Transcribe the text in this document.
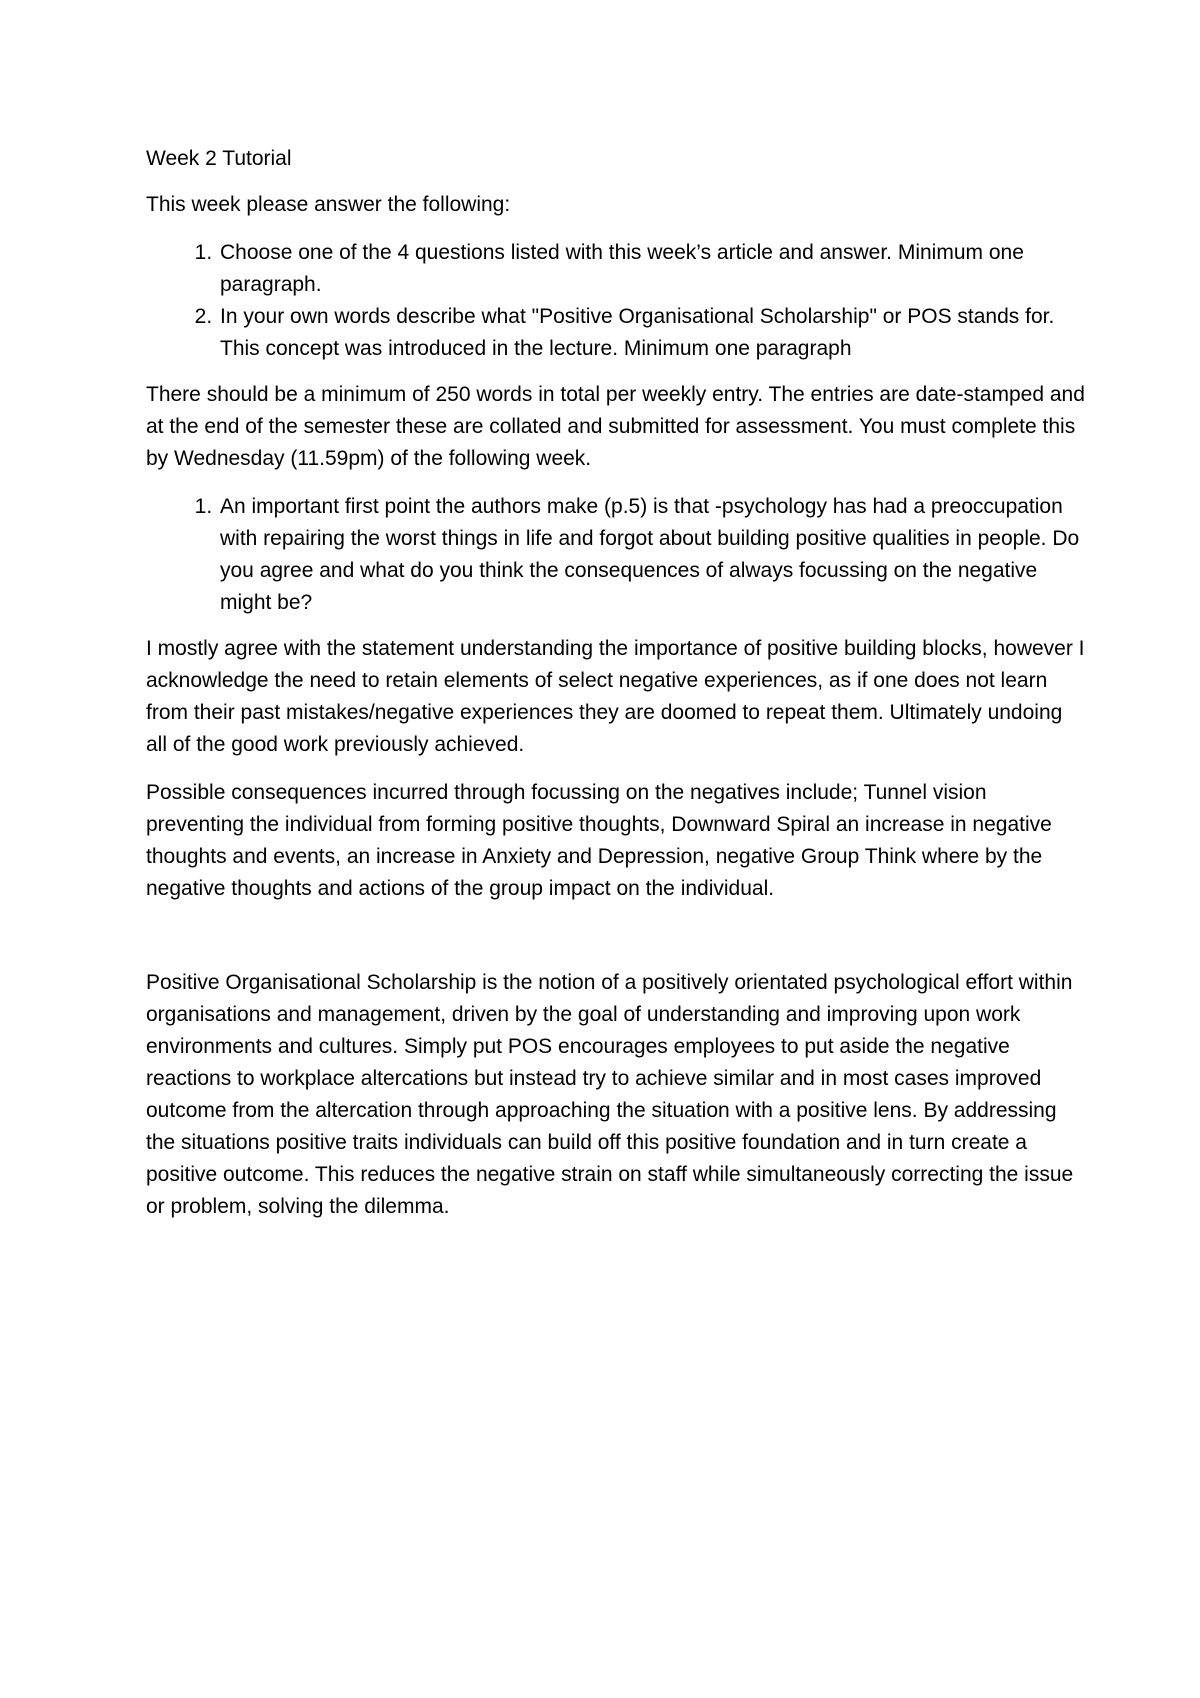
Week 2 Tutorial

This week please answer the following:

1. Choose one of the 4 questions listed with this week’s article and answer. Minimum one paragraph.
2. In your own words describe what "Positive Organisational Scholarship" or POS stands for. This concept was introduced in the lecture. Minimum one paragraph

There should be a minimum of 250 words in total per weekly entry. The entries are date-stamped and at the end of the semester these are collated and submitted for assessment. You must complete this by Wednesday (11.59pm) of the following week.

1. An important first point the authors make (p.5) is that -psychology has had a preoccupation with repairing the worst things in life and forgot about building positive qualities in people. Do you agree and what do you think the consequences of always focussing on the negative might be?

I mostly agree with the statement understanding the importance of positive building blocks, however I acknowledge the need to retain elements of select negative experiences, as if one does not learn from their past mistakes/negative experiences they are doomed to repeat them. Ultimately undoing all of the good work previously achieved.

Possible consequences incurred through focussing on the negatives include; Tunnel vision preventing the individual from forming positive thoughts, Downward Spiral an increase in negative thoughts and events, an increase in Anxiety and Depression, negative Group Think where by the negative thoughts and actions of the group impact on the individual.

Positive Organisational Scholarship is the notion of a positively orientated psychological effort within organisations and management, driven by the goal of understanding and improving upon work environments and cultures. Simply put POS encourages employees to put aside the negative reactions to workplace altercations but instead try to achieve similar and in most cases improved outcome from the altercation through approaching the situation with a positive lens. By addressing the situations positive traits individuals can build off this positive foundation and in turn create a positive outcome. This reduces the negative strain on staff while simultaneously correcting the issue or problem, solving the dilemma.
